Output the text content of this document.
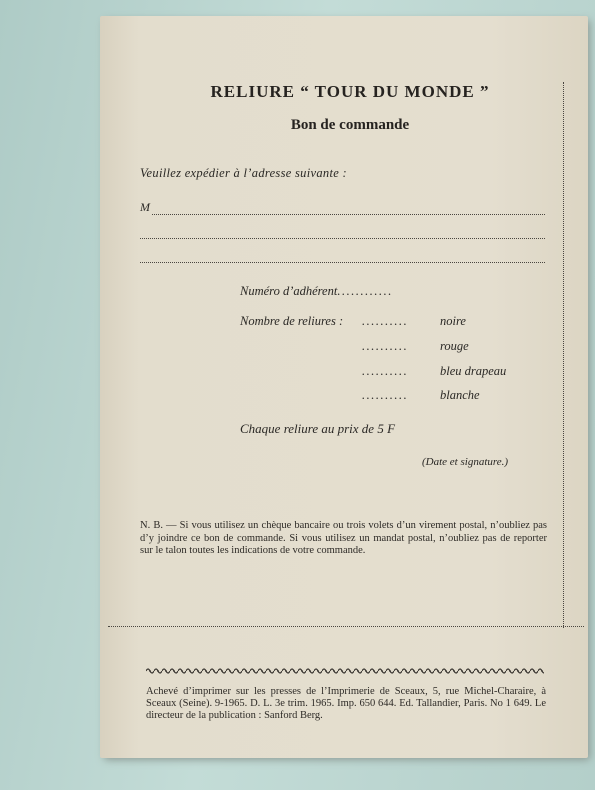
RELIURE “ TOUR DU MONDE ”
Bon de commande
Veuillez expédier à l’adresse suivante :
M
Numéro d’adhérent............
Nombre de reliures : ..........	noire
..........	rouge
..........	bleu drapeau
..........	blanche
Chaque reliure au prix de 5 F
(Date et signature.)
N. B. — Si vous utilisez un chèque bancaire ou trois volets d’un virement postal, n’oubliez pas d’y joindre ce bon de commande. Si vous utilisez un mandat postal, n’oubliez pas de reporter sur le talon toutes les indications de votre commande.
Achevé d’imprimer sur les presses de l’Imprimerie de Sceaux, 5, rue Michel-Charaire, à Sceaux (Seine). 9-1965. D. L. 3e trim. 1965. Imp. 650 644. Ed. Tallandier, Paris. No 1 649. Le directeur de la publication : Sanford Berg.
